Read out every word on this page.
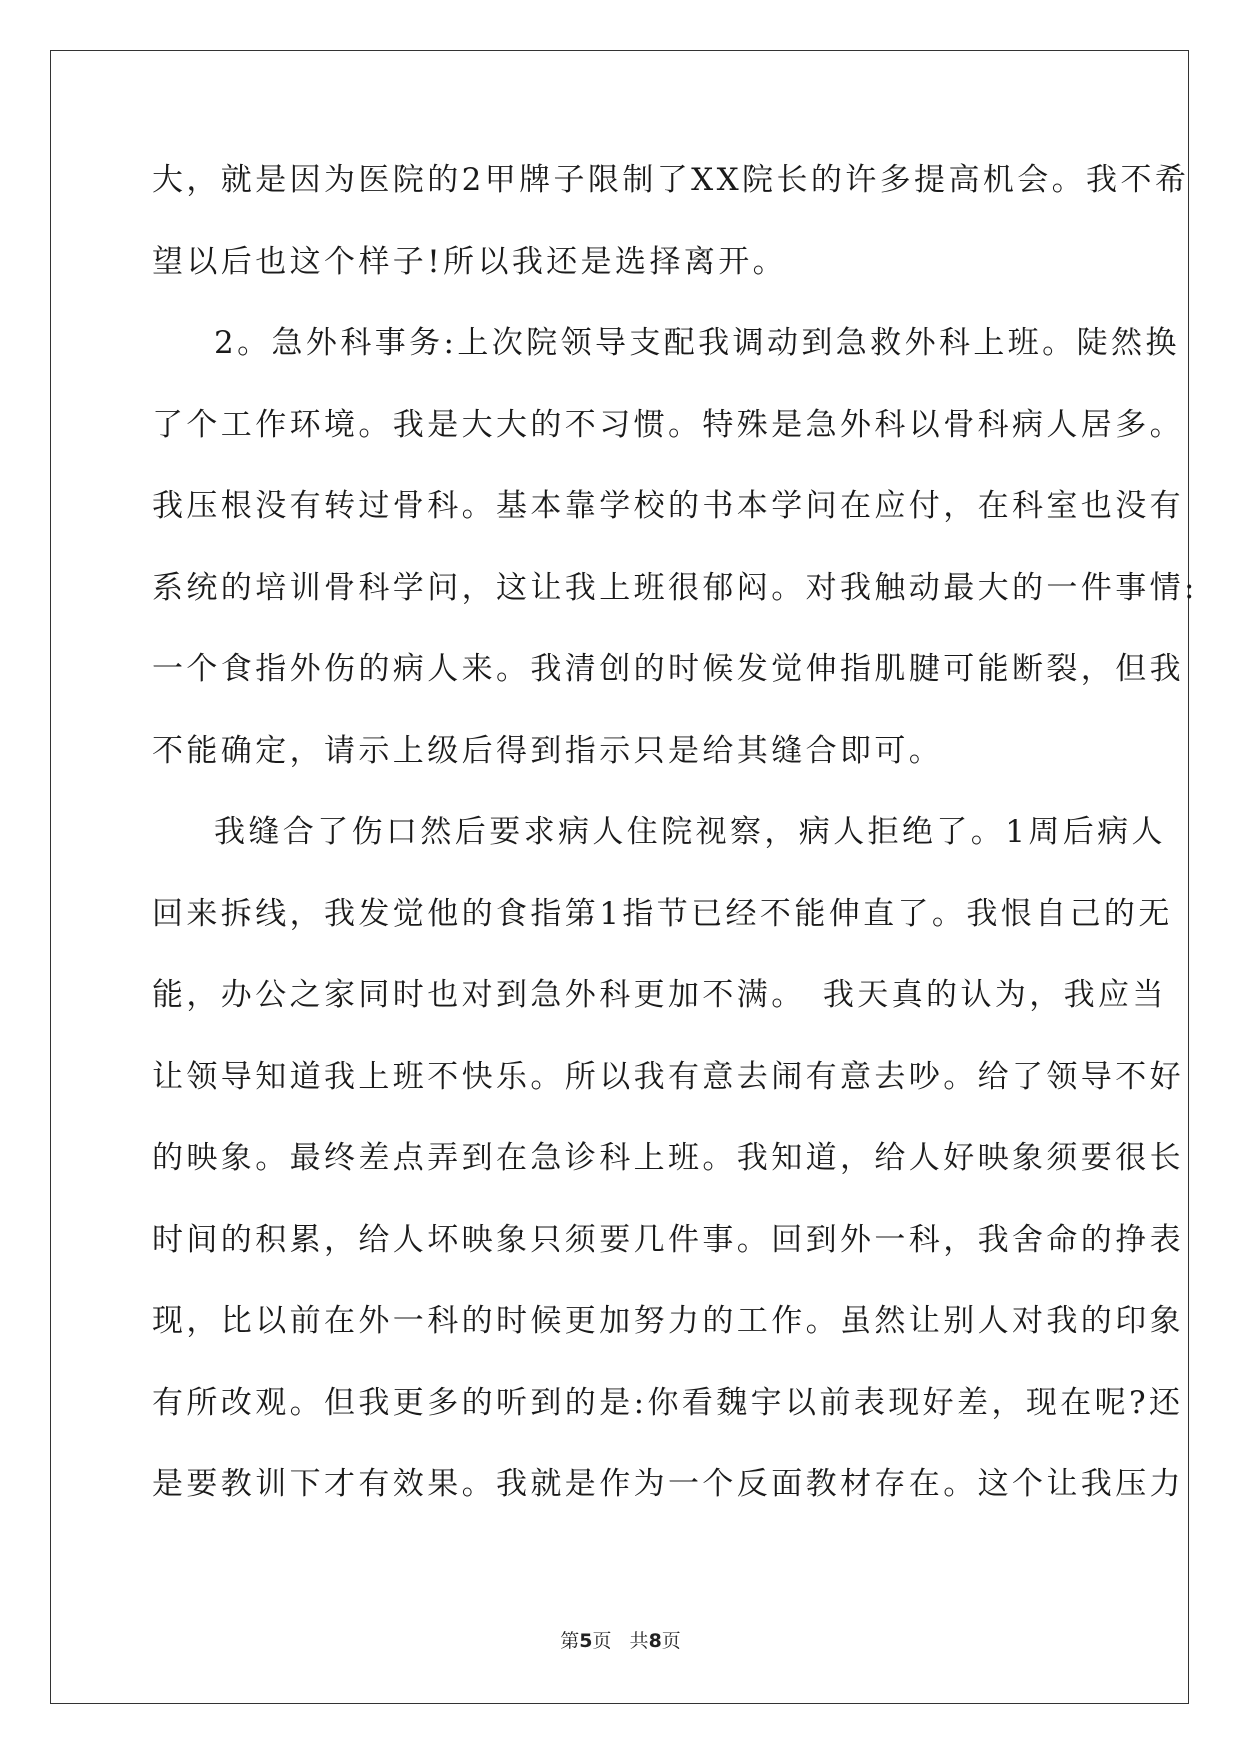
大，就是因为医院的2甲牌子限制了XX院长的许多提高机会。我不希
望以后也这个样子!所以我还是选择离开。
2。急外科事务:上次院领导支配我调动到急救外科上班。陡然换
了个工作环境。我是大大的不习惯。特殊是急外科以骨科病人居多。
我压根没有转过骨科。基本靠学校的书本学问在应付，在科室也没有
系统的培训骨科学问，这让我上班很郁闷。对我触动最大的一件事情:
一个食指外伤的病人来。我清创的时候发觉伸指肌腱可能断裂，但我
不能确定，请示上级后得到指示只是给其缝合即可。
我缝合了伤口然后要求病人住院视察，病人拒绝了。1周后病人
回来拆线，我发觉他的食指第1指节已经不能伸直了。我恨自己的无
能，办公之家同时也对到急外科更加不满。 我天真的认为，我应当
让领导知道我上班不快乐。所以我有意去闹有意去吵。给了领导不好
的映象。最终差点弄到在急诊科上班。我知道，给人好映象须要很长
时间的积累，给人坏映象只须要几件事。回到外一科，我舍命的挣表
现，比以前在外一科的时候更加努力的工作。虽然让别人对我的印象
有所改观。但我更多的听到的是:你看魏宇以前表现好差，现在呢?还
是要教训下才有效果。我就是作为一个反面教材存在。这个让我压力
第5页   共8页
